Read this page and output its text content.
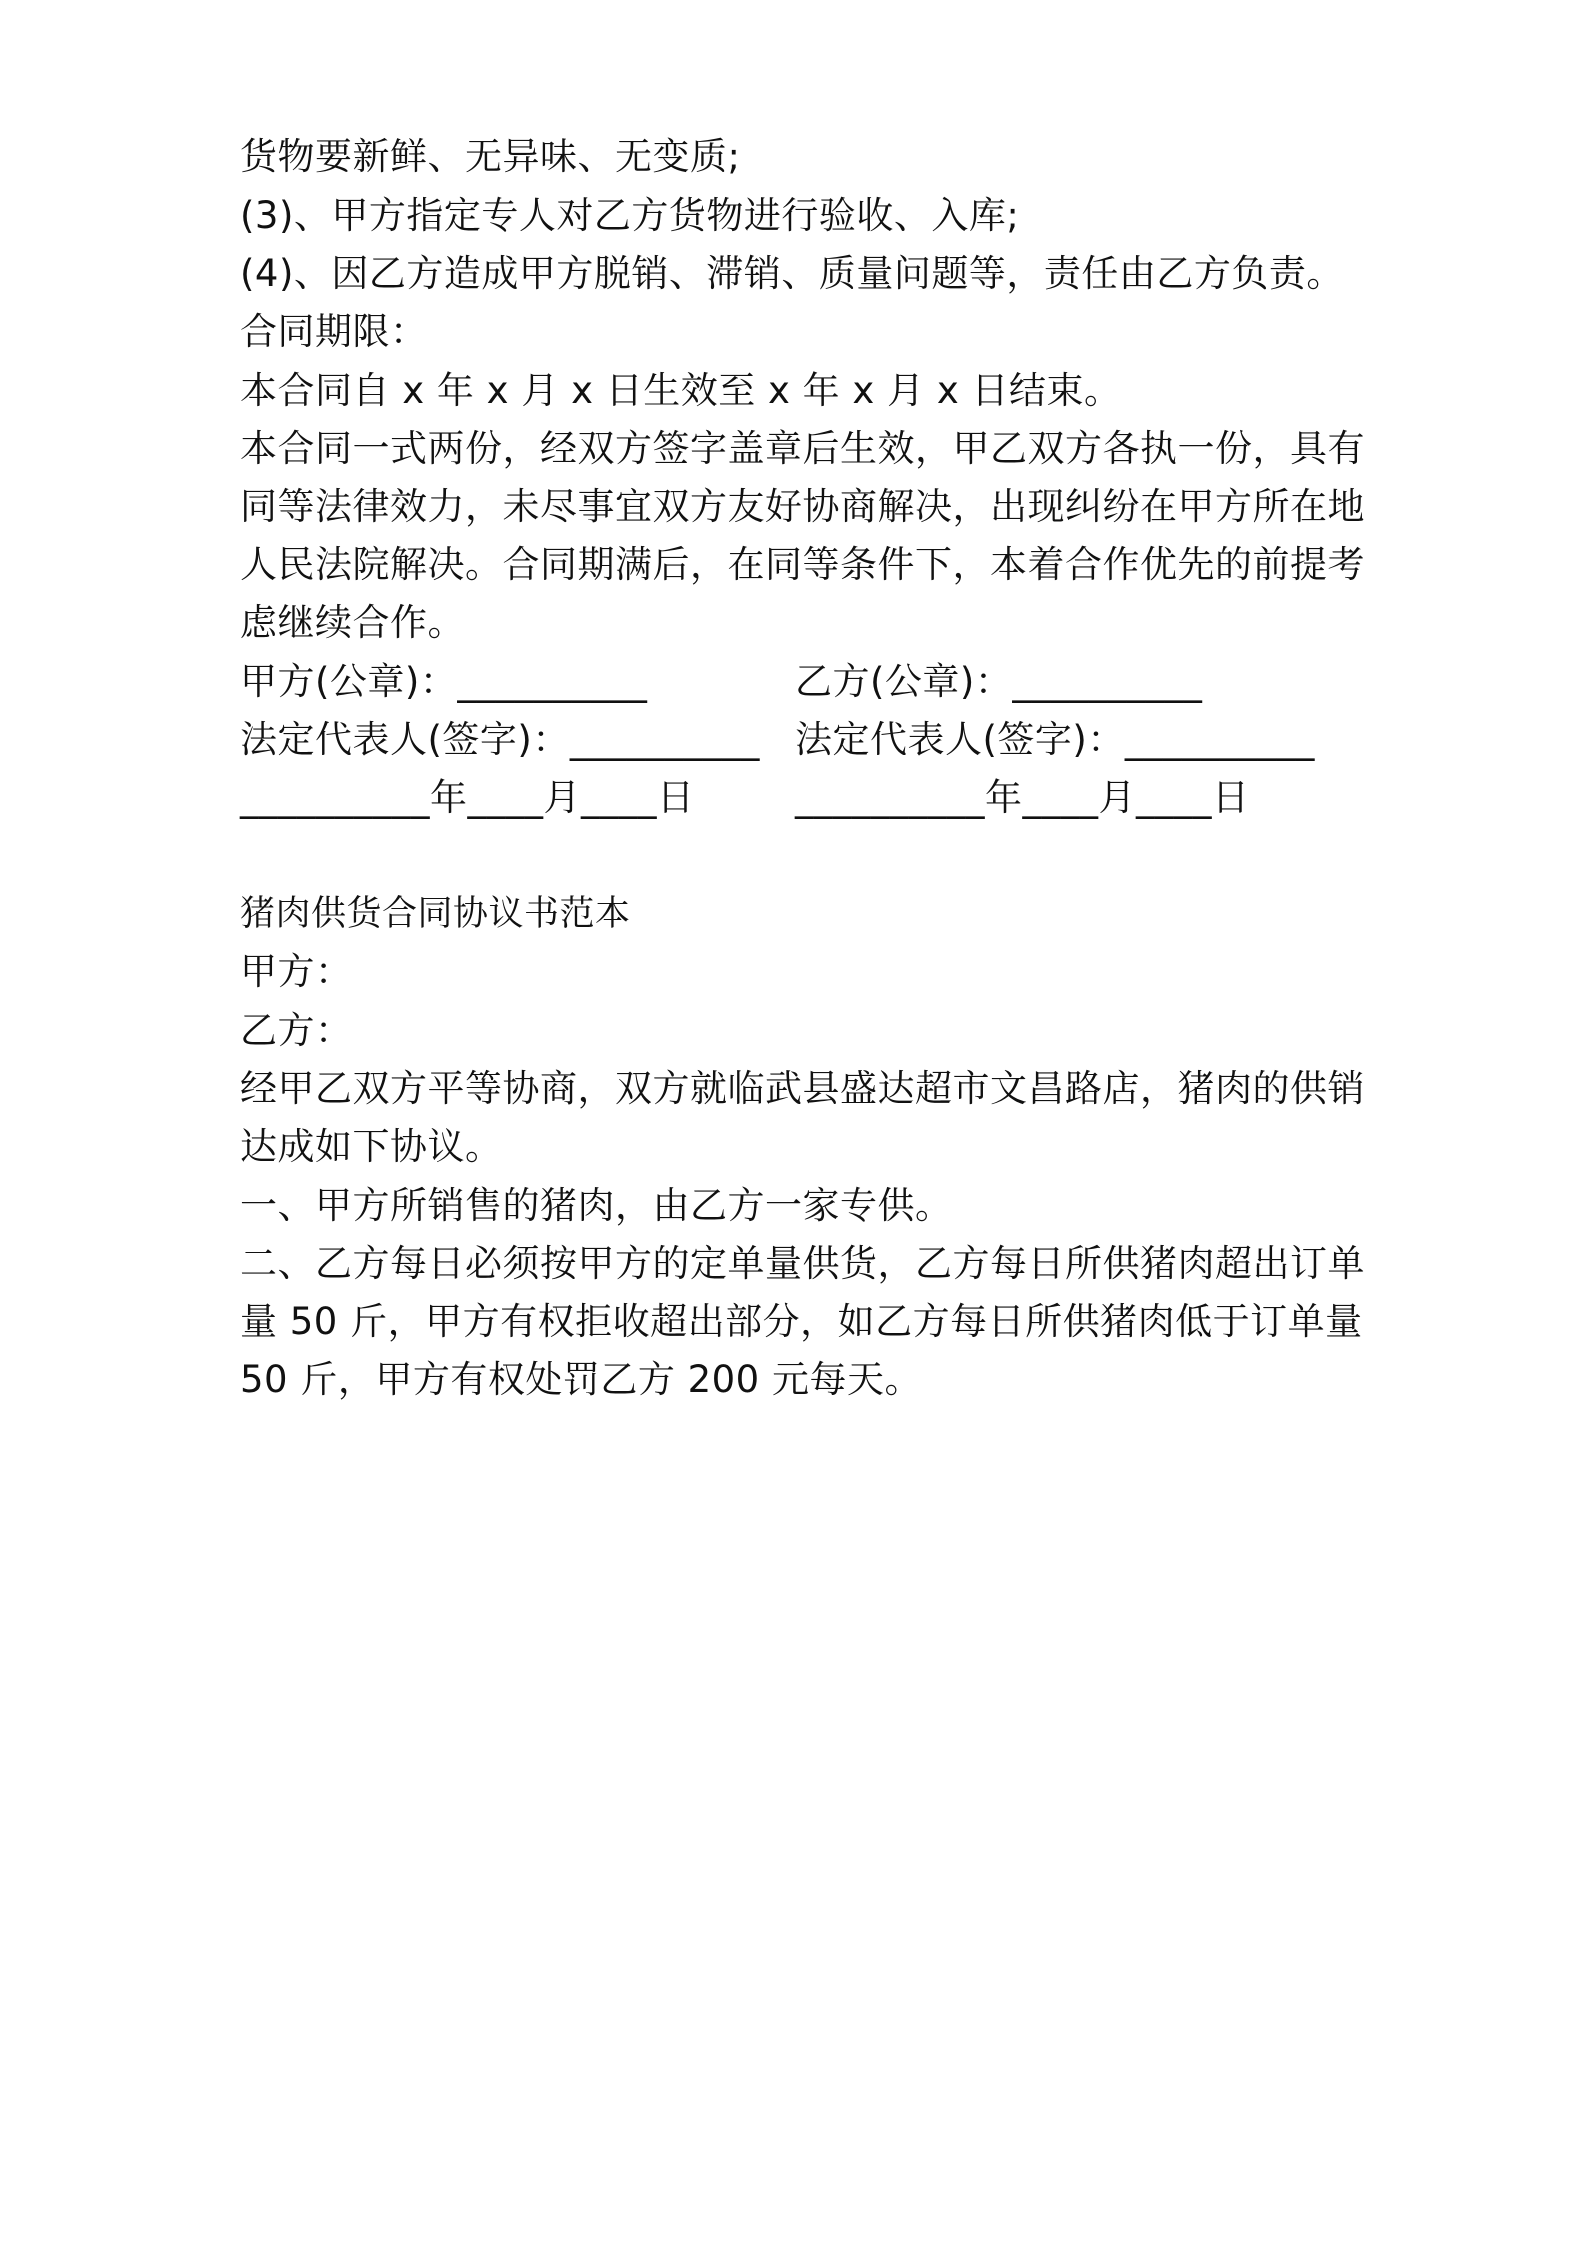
货物要新鲜、无异味、无变质;
(3)、甲方指定专人对乙方货物进行验收、入库;
(4)、因乙方造成甲方脱销、滞销、质量问题等，责任由乙方负责。
合同期限：
本合同自 x 年 x 月 x 日生效至 x 年 x 月 x 日结束。
本合同一式两份，经双方签字盖章后生效，甲乙双方各执一份，具有
同等法律效力，未尽事宜双方友好协商解决，出现纠纷在甲方所在地
人民法院解决。合同期满后，在同等条件下，本着合作优先的前提考
虑继续合作。
甲方(公章)：__________	乙方(公章)：__________
法定代表人(签字)：__________ 法定代表人(签字)：__________
__________年____月____日	__________年____月____日
猪肉供货合同协议书范本
甲方：
乙方：
经甲乙双方平等协商，双方就临武县盛达超市文昌路店，猪肉的供销
达成如下协议。
一、甲方所销售的猪肉，由乙方一家专供。
二、乙方每日必须按甲方的定单量供货，乙方每日所供猪肉超出订单
量 50 斤，甲方有权拒收超出部分，如乙方每日所供猪肉低于订单量
50 斤，甲方有权处罚乙方 200 元每天。
